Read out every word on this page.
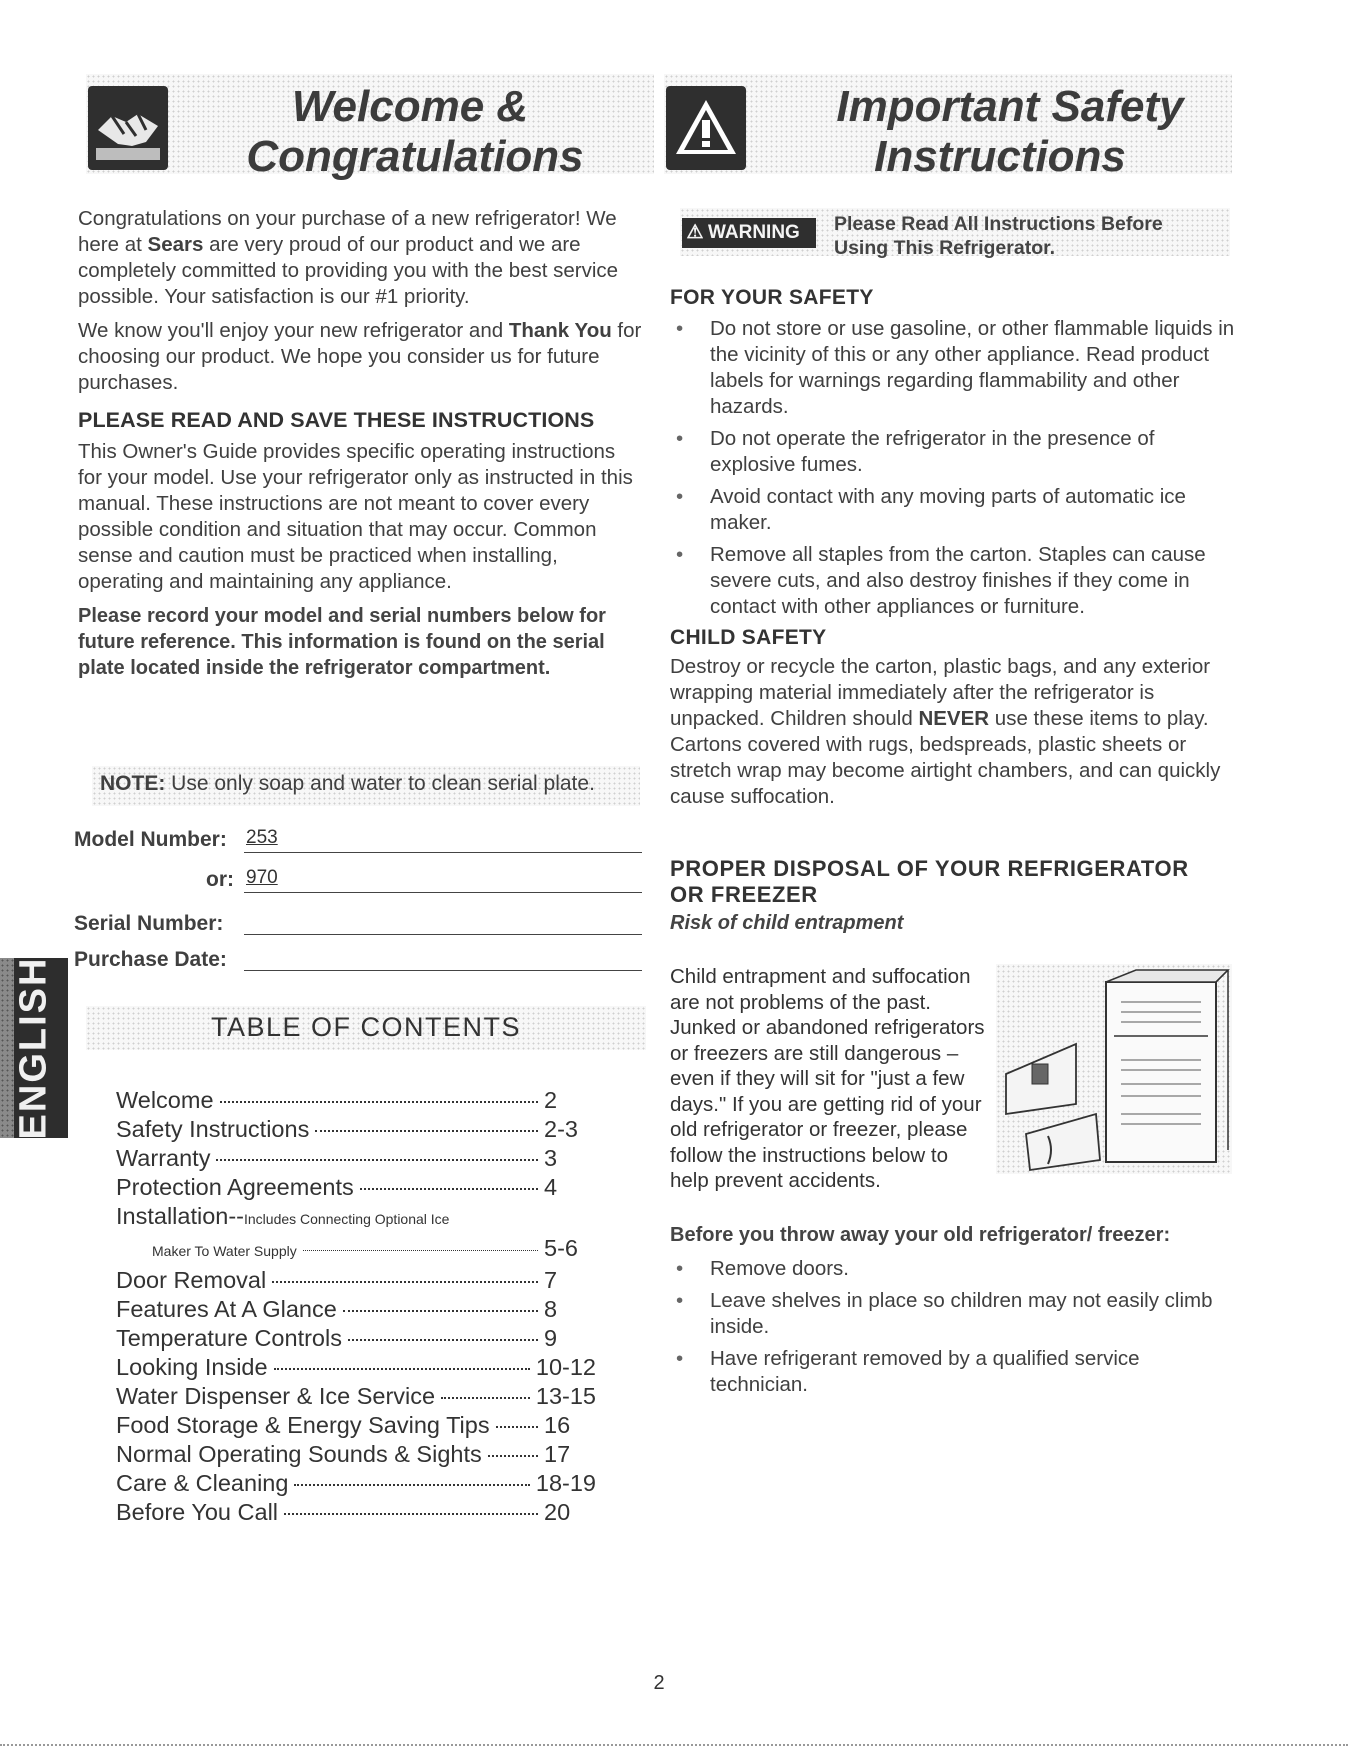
Welcome &
Congratulations
Important Safety
Instructions

Congratulations on your purchase of a new refrigerator! We here at Sears are very proud of our product and we are completely committed to providing you with the best service possible. Your satisfaction is our #1 priority.

We know you'll enjoy your new refrigerator and Thank You for choosing our product. We hope you consider us for future purchases.

PLEASE READ AND SAVE THESE INSTRUCTIONS

This Owner's Guide provides specific operating instructions for your model. Use your refrigerator only as instructed in this manual. These instructions are not meant to cover every possible condition and situation that may occur. Common sense and caution must be practiced when installing, operating and maintaining any appliance.

Please record your model and serial numbers below for future reference. This information is found on the serial plate located inside the refrigerator compartment.

NOTE: Use only soap and water to clean serial plate.
Model Number: 253
or: 970
Serial Number:
Purchase Date:
ENGLISH	TABLE OF CONTENTS
Welcome	2
Safety Instructions	2-3
Warranty	3
Protection Agreements	4
Installation-- Includes Connecting Optional Ice
Maker To Water Supply	5-6
Door Removal	7
Features At A Glance	8
Temperature Controls	9
Looking Inside	10-12
Water Dispenser & Ice Service	13-15
Food Storage & Energy Saving Tips 16
Normal Operating Sounds & Sights	17
Care & Cleaning	18-19
Before You Call	20
⚠ WARNING	Please Read All Instructions Before
Using This Refrigerator.
FOR YOUR SAFETY
• Do not store or use gasoline, or other flammable liquids in the vicinity of this or any other appliance. Read product labels for warnings regarding flammability and other hazards.
• Do not operate the refrigerator in the presence of explosive fumes.
• Avoid contact with any moving parts of automatic ice maker.
• Remove all staples from the carton. Staples can cause severe cuts, and also destroy finishes if they come in contact with other appliances or furniture.
CHILD SAFETY

Destroy or recycle the carton, plastic bags, and any exterior wrapping material immediately after the refrigerator is unpacked. Children should NEVER use these items to play. Cartons covered with rugs, bedspreads, plastic sheets or stretch wrap may become airtight chambers, and can quickly cause suffocation.

PROPER DISPOSAL OF YOUR REFRIGERATOR
OR FREEZER
Risk of child entrapment
Child entrapment and suffocation are not problems of the past. Junked or abandoned refrigerators or freezers are still dangerous – even if they will sit for "just a few days." If you are getting rid of your old refrigerator or freezer, please follow the instructions below to help prevent accidents.
Before you throw away your old refrigerator/ freezer:
• Remove doors.
• Leave shelves in place so children may not easily climb inside.
• Have refrigerant removed by a qualified service technician.
2
